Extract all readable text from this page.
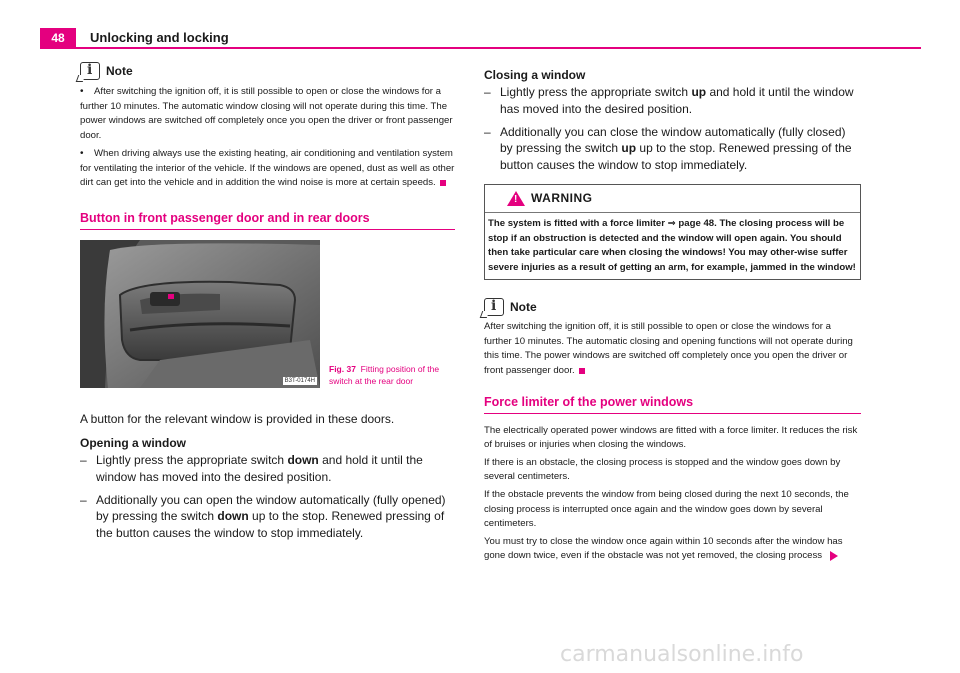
48	Unlocking and locking
i
Note
• After switching the ignition off, it is still possible to open or close the windows for a further 10 minutes. The automatic window closing will not operate during this time. The power windows are switched off completely once you open the driver or front passenger door.
• When driving always use the existing heating, air conditioning and ventilation system for ventilating the interior of the vehicle. If the windows are opened, dust as well as other dirt can get into the vehicle and in addition the wind noise is more at certain speeds.
Button in front passenger door and in rear doors
B3T-0174H
Fig. 37 Fitting position of the switch at the rear door
A button for the relevant window is provided in these doors.
Opening a window
– Lightly press the appropriate switch down and hold it until the window has moved into the desired position.
– Additionally you can open the window automatically (fully opened) by pressing the switch down up to the stop. Renewed pressing of the button causes the window to stop immediately.
Closing a window
– Lightly press the appropriate switch up and hold it until the window has moved into the desired position.
– Additionally you can close the window automatically (fully closed) by pressing the switch up up to the stop. Renewed pressing of the button causes the window to stop immediately.
!
WARNING
The system is fitted with a force limiter ⇒ page 48. The closing process will be stop if an obstruction is detected and the window will open again. You should then take particular care when closing the windows! You may other-wise suffer severe injuries as a result of getting an arm, for example, jammed in the window!
i
Note
After switching the ignition off, it is still possible to open or close the windows for a further 10 minutes. The automatic closing and opening functions will not operate during this time. The power windows are switched off completely once you open the driver or front passenger door.
Force limiter of the power windows
The electrically operated power windows are fitted with a force limiter. It reduces the risk of bruises or injuries when closing the windows.
If there is an obstacle, the closing process is stopped and the window goes down by several centimeters.
If the obstacle prevents the window from being closed during the next 10 seconds, the closing process is interrupted once again and the window goes down by several centimeters.
You must try to close the window once again within 10 seconds after the window has gone down twice, even if the obstacle was not yet removed, the closing process
carmanualsonline.info
